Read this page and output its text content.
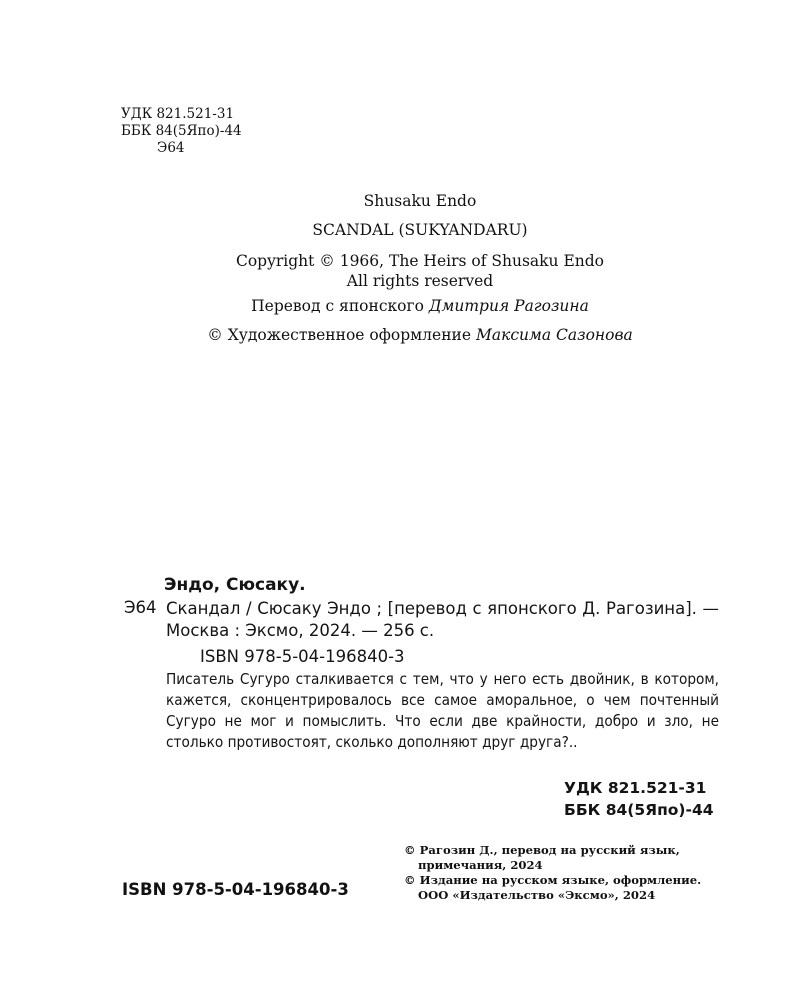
УДК 821.521-31
ББК 84(5Япо)-44
Э64
Shusaku Endo
SCANDAL (SUKYANDARU)
Copyright © 1966, The Heirs of Shusaku Endo
All rights reserved
Перевод с японского Дмитрия Рагозина
© Художественное оформление Максима Сазонова
Эндо, Сюсаку.
Э64 Скандал / Сюсаку Эндо ; [перевод с японского Д. Рагозина]. — Москва : Эксмо, 2024. — 256 с.
ISBN 978-5-04-196840-3
Писатель Сугуро сталкивается с тем, что у него есть двойник, в котором, кажется, сконцентрировалось все самое аморальное, о чем почтенный Сугуро не мог и помыслить. Что если две крайности, добро и зло, не столько противостоят, сколько дополняют друг друга?..
УДК 821.521-31
ББК 84(5Япо)-44
ISBN 978-5-04-196840-3
© Рагозин Д., перевод на русский язык,
примечания, 2024
© Издание на русском языке, оформление.
ООО «Издательство «Эксмо», 2024
